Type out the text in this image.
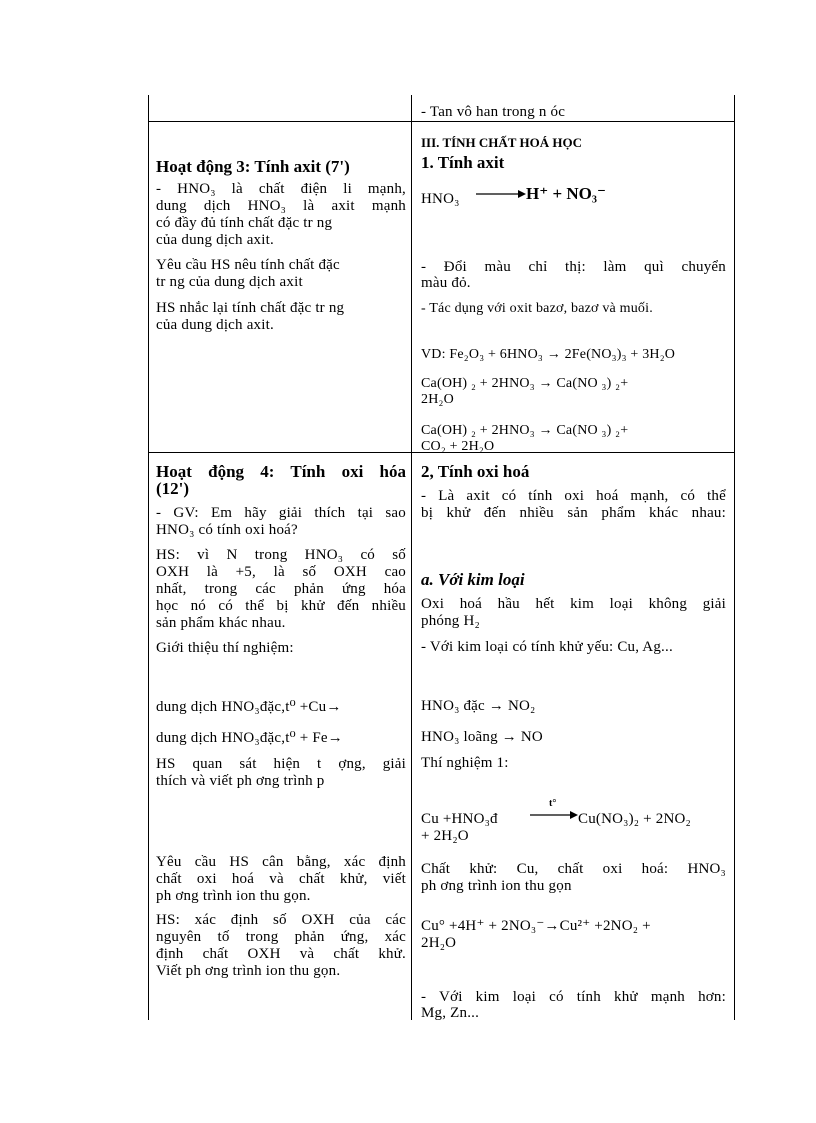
- Tan vô han trong n óc
Hoạt động 3: Tính axit (7')
- HNO₃ là chất điện li mạnh,
dung dịch HNO₃ là axit mạnh
có đầy đủ tính chất đặc tr ng
của dung dịch axit.
Yêu cầu HS nêu tính chất đặc
tr ng của dung dịch axit
HS nhắc lại tính chất đặc tr ng
của dung dịch axit.
III. TÍNH CHẤT HOÁ HỌC
1. Tính axit
HNO₃ → H⁺ + NO₃⁻
- Đổi màu chỉ thị: làm quì chuyển
màu đỏ.
- Tác dụng với oxit bazơ, bazơ và muối.
VD: Fe₂O₃ + 6HNO₃ → 2Fe(NO₃)₃ + 3H₂O
Ca(OH) ₂ + 2HNO₃ → Ca(NO ₃) ₂+
2H₂O
Ca(OH) ₂ + 2HNO₃ → Ca(NO ₃) ₂+
CO₂ + 2H₂O
Hoạt động 4: Tính oxi hóa
(12')
- GV: Em hãy giải thích tại sao
HNO₃ có tính oxi hoá?
HS: vì N trong HNO₃ có số
OXH là +5, là số OXH cao
nhất, trong các phản ứng hóa
học nó có thể bị khử đến nhiều
sản phẩm khác nhau.
Giới thiệu thí nghiệm:
dung dịch HNO₃đặc,t⁰ +Cu→
dung dịch HNO₃đặc,t⁰ + Fe→
HS quan sát hiện t ợng, giải
thích và viết ph ơng trình p
Yêu cầu HS cân bằng, xác định
chất oxi hoá và chất khử, viết
ph ơng trình ion thu gọn.
HS: xác định số OXH của các
nguyên tố trong phản ứng, xác
định chất OXH và chất khử.
Viết ph ơng trình ion thu gọn.
2, Tính oxi hoá
- Là axit có tính oxi hoá mạnh, có thể
bị khử đến nhiều sản phẩm khác nhau:
a. Với kim loại
Oxi hoá hầu hết kim loại không giải
phóng H₂
- Với kim loại có tính khử yếu: Cu, Ag...
HNO₃ đặc → NO₂
HNO₃ loãng → NO
Thí nghiệm 1:
Cu +HNO₃đ
t°
Cu(NO₃)₂ + 2NO₂
+ 2H₂O
Chất khử: Cu, chất oxi hoá: HNO₃
ph ơng trình ion thu gọn
Cu° +4H⁺ + 2NO₃⁻→Cu²⁺ +2NO₂ +
2H₂O
- Với kim loại có tính khử mạnh hơn:
Mg, Zn...
